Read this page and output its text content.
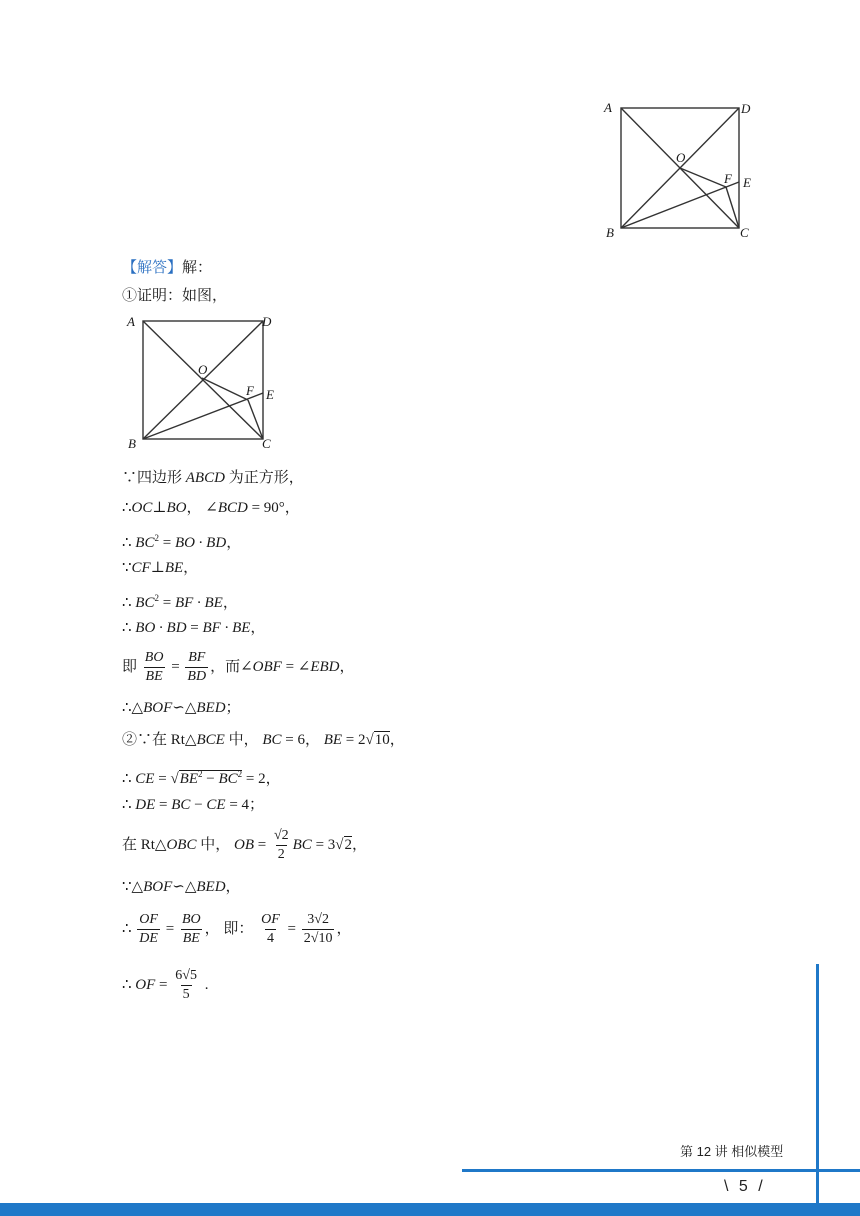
A	D
O
F E
B	C
【解答】解：
①证明：如图，
A	D
O
F E
B	C
∵四边形 ABCD 为正方形，
∴OC⊥BO， ∠BCD = 90°，
∴ $BC^2$ = BO · BD，
∵CF⊥BE，
∴ $BC^2$ = BF · BE，
∴ BO · BD = BF · BE，
即 $\frac{BO}{BE} = \frac{BF}{BD}$ ，而∠OBF = ∠EBD，
∴△BOF∽△BED；
②∵在 Rt△BCE 中， BC = 6， BE = 2√10，
∴ CE = $√BE^2 - BC^2 = 2$，
∴ DE = BC − CE = 4；
在 Rt△OBC 中， OB = $\frac{√2}{2}$ BC = 3√2，
∵△BOF∽△BED，
∴ $\frac{OF}{DE} = \frac{BO}{BE}$ ， 即： $\frac{OF}{4} = \frac{3√2}{2√10}$ ，
∴ OF = $\frac{6√5}{5}$ .
第 12 讲 相似模型
\ 5 /
